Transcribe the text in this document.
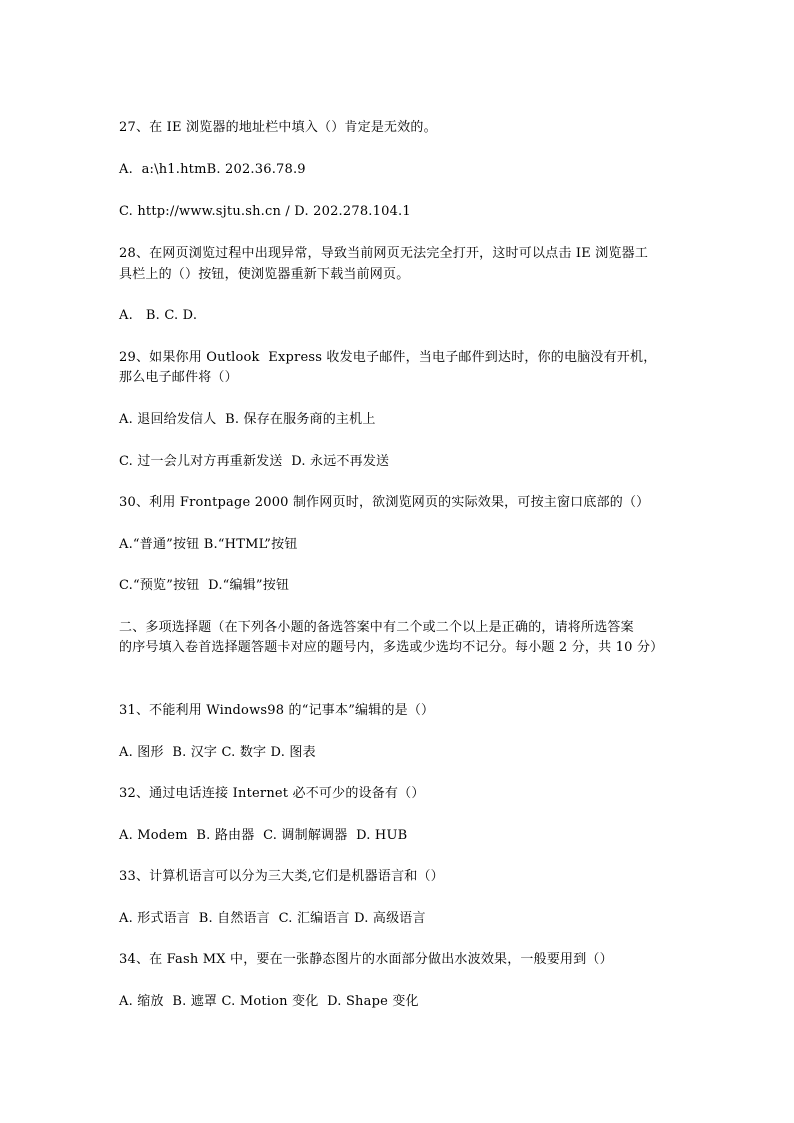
27、在 IE 浏览器的地址栏中填入（）肯定是无效的。
A.  a:\h1.htmB. 202.36.78.9
C. http://www.sjtu.sh.cn / D. 202.278.104.1
28、在网页浏览过程中出现异常，导致当前网页无法完全打开，这时可以点击 IE 浏览器工
具栏上的（）按钮，使浏览器重新下载当前网页。
A.   B. C. D.
29、如果你用 Outlook  Express 收发电子邮件，当电子邮件到达时，你的电脑没有开机，
那么电子邮件将（）
A. 退回给发信人  B. 保存在服务商的主机上
C. 过一会儿对方再重新发送  D. 永远不再发送
30、利用 Frontpage 2000 制作网页时，欲浏览网页的实际效果，可按主窗口底部的（）
A.“普通”按钮 B.“HTML”按钮
C.“预览”按钮  D.“编辑”按钮
二、多项选择题（在下列各小题的备选答案中有二个或二个以上是正确的，请将所选答案
的序号填入卷首选择题答题卡对应的题号内，多选或少选均不记分。每小题 2 分，共 10 分）
31、不能利用 Windows98 的“记事本”编辑的是（）
A. 图形  B. 汉字 C. 数字 D. 图表
32、通过电话连接 Internet 必不可少的设备有（）
A. Modem  B. 路由器  C. 调制解调器  D. HUB
33、计算机语言可以分为三大类,它们是机器语言和（）
A. 形式语言  B. 自然语言  C. 汇编语言 D. 高级语言
34、在 Fash MX 中，要在一张静态图片的水面部分做出水波效果，一般要用到（）
A. 缩放  B. 遮罩 C. Motion 变化  D. Shape 变化
